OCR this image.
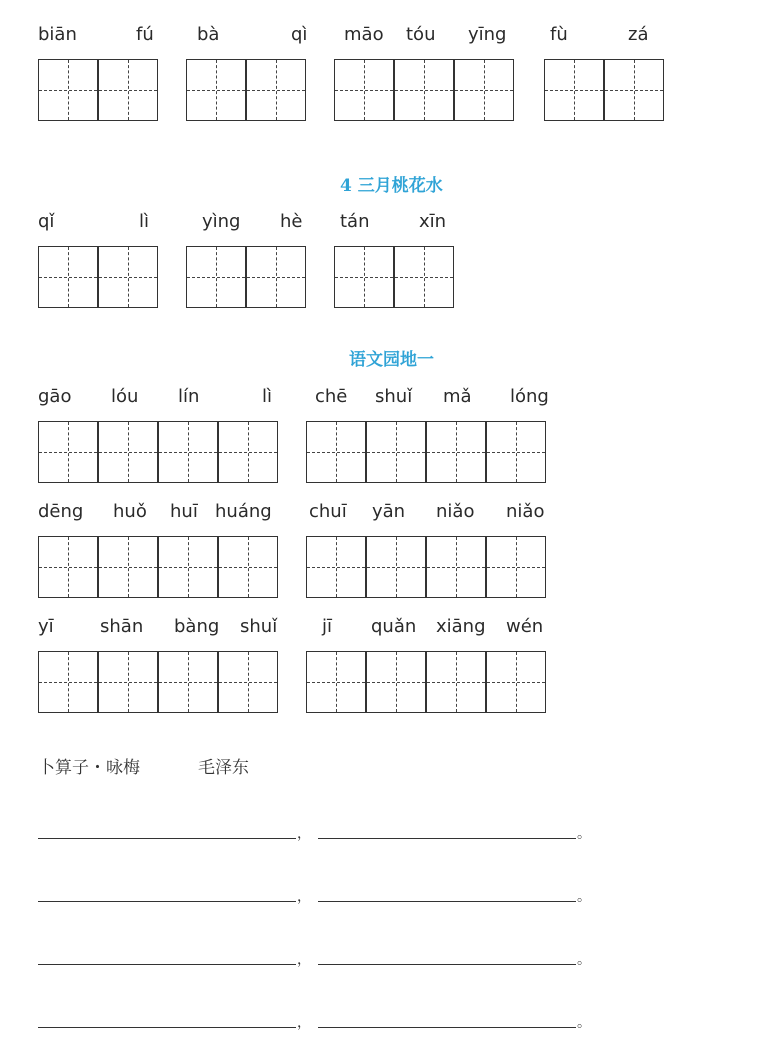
biān	fú bà	qì māo tóu yīng fù	zá
4 三月桃花水
qǐ	lì	yìng hè tán	xīn
语文园地一
gāo lóu lín	lì chē shuǐ mǎ lóng
dēng huǒ huī huáng chuī yān niǎo niǎo
yī	shān bàng shuǐ jī quǎn xiāng wén
卜算子・咏梅	毛泽东
，	。
，	。
，	。
，	。
